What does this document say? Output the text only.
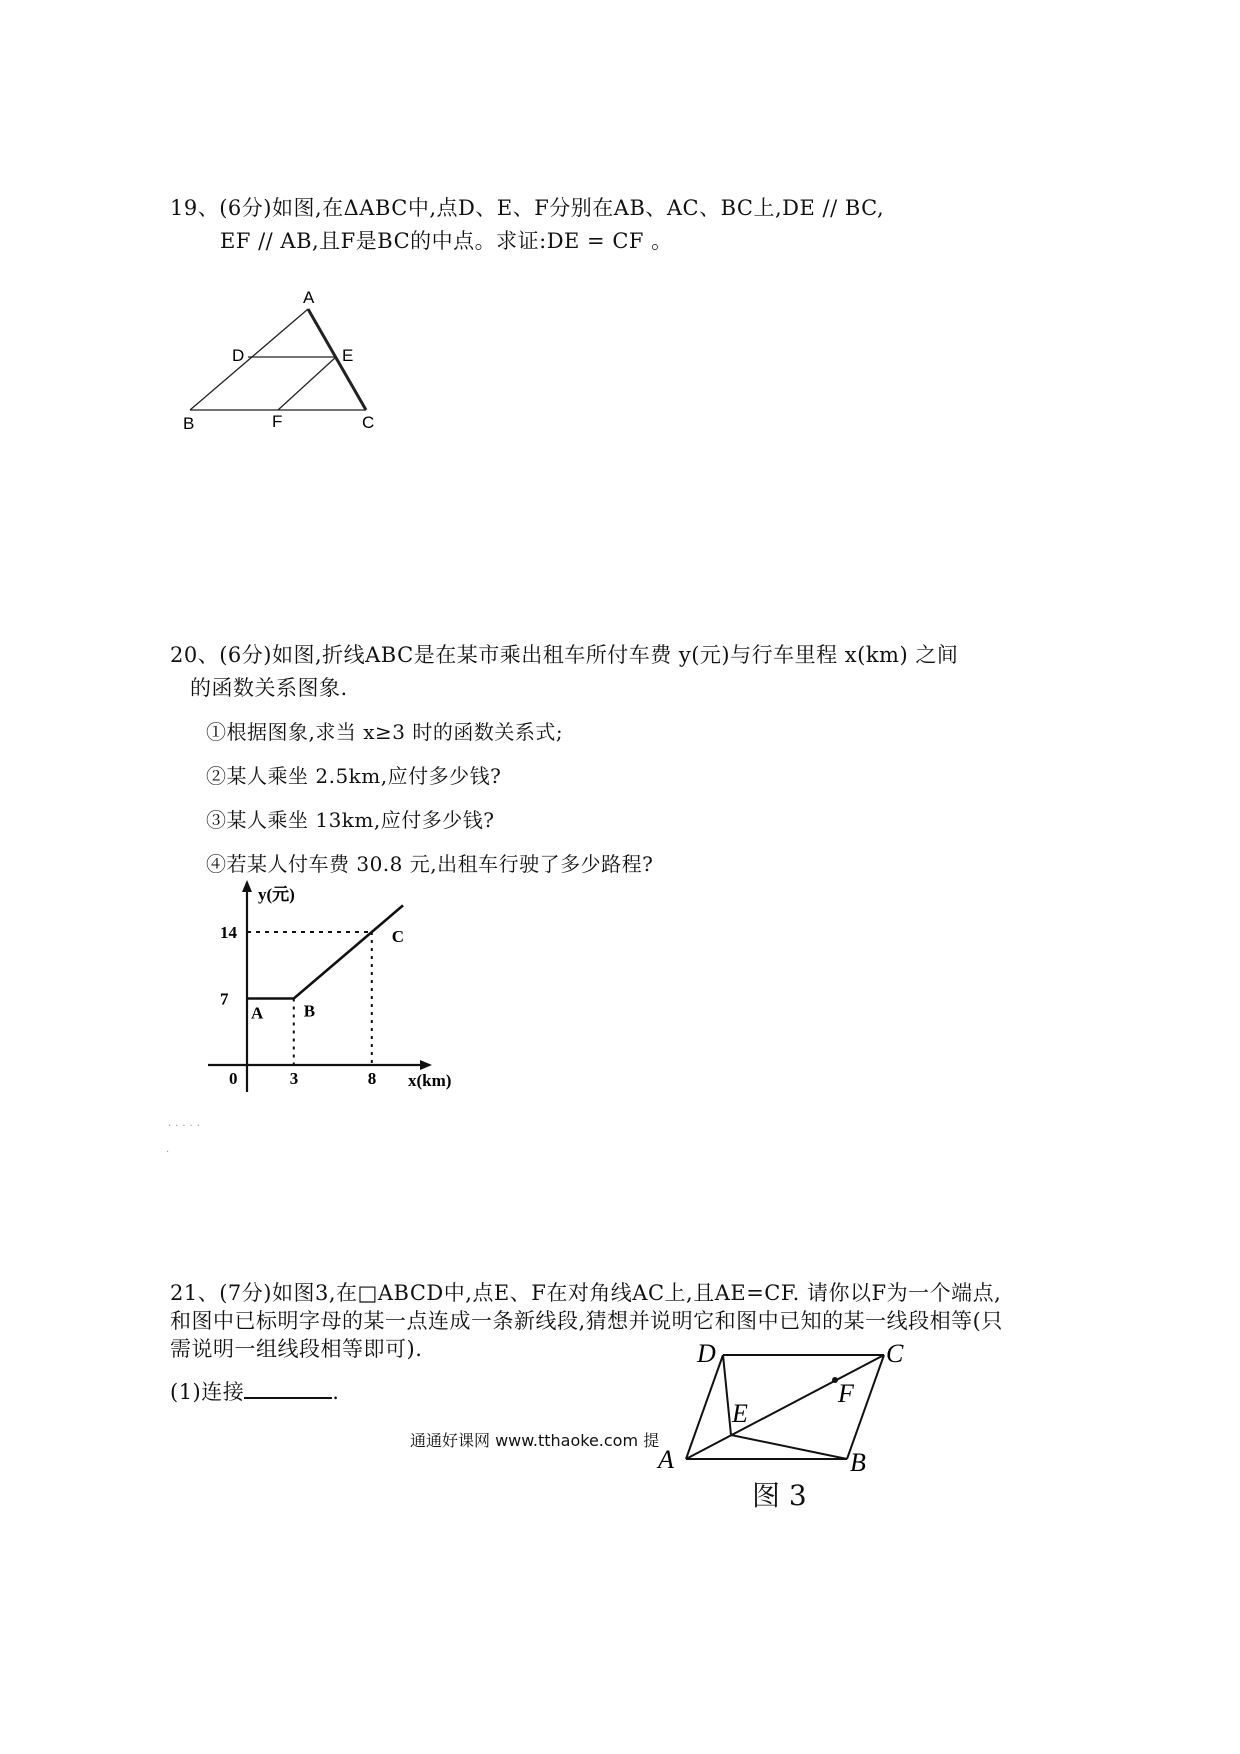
19、(6分)如图,在ΔABC中,点D、E、F分别在AB、AC、BC上,DE // BC,
EF // AB,且F是BC的中点。求证:DE = CF 。
A
D	E
B	F	C
20、(6分)如图,折线ABC是在某市乘出租车所付车费 y(元)与行车里程 x(km) 之间
的函数关系图象.
①根据图象,求当 x≥3 时的函数关系式;
②某人乘坐 2.5km,应付多少钱?
③某人乘坐 13km,应付多少钱?
④若某人付车费 30.8 元,出租车行驶了多少路程?
y(元)
x(km)
0
14
7
3	8
A B
C
·····
·
21、(7分)如图3,在□ABCD中,点E、F在对角线AC上,且AE=CF. 请你以F为一个端点,
和图中已标明字母的某一点连成一条新线段,猜想并说明它和图中已知的某一线段相等(只
需说明一组线段相等即可).
(1)连接	.
D	C
F
E
A	B
图 3
通通好课网 www.tthaoke.com 提
